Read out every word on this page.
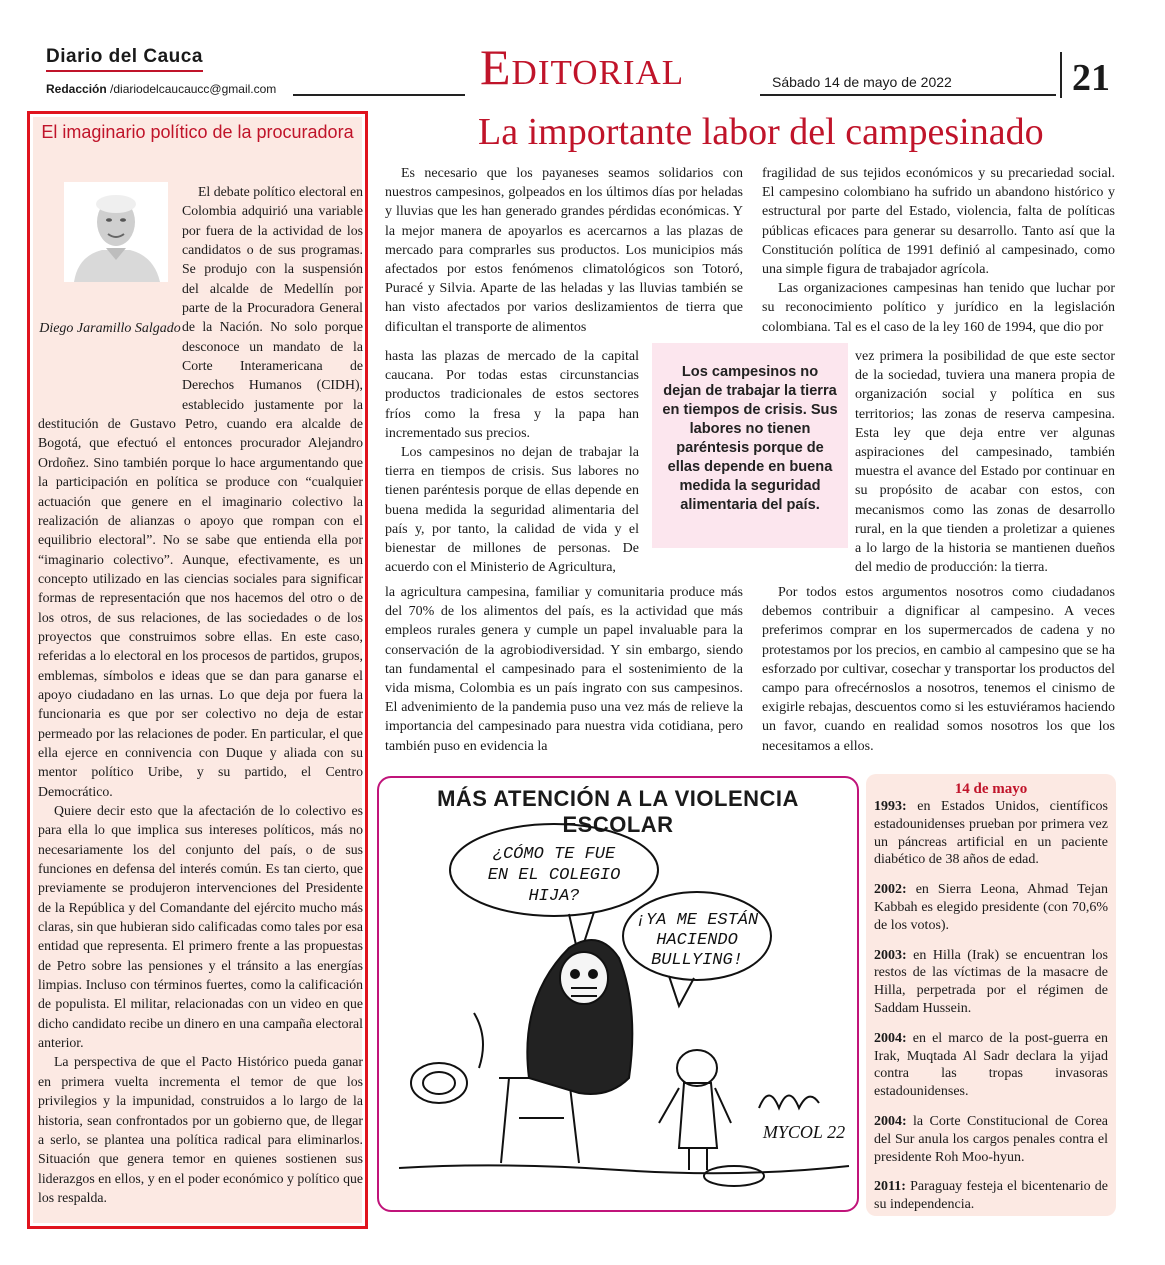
Diario del Cauca
Redacción /diariodelcaucaucc@gmail.com	Editorial	Sábado 14 de mayo de 2022	21
El imaginario político de la procuradora
Diego Jaramillo Salgado

El debate político electoral en Colombia adquirió una variable por fuera de la actividad de los candidatos o de sus programas. Se produjo con la suspensión del alcalde de Medellín por parte de la Procuradora General de la Nación. No solo porque desconoce un mandato de la Corte Interamericana de Derechos Humanos (CIDH), establecido justamente por la destitución de Gustavo Petro, cuando era alcalde de Bogotá, que efectuó el entonces procurador Alejandro Ordoñez. Sino también porque lo hace argumentando que la participación en política se produce con “cualquier actuación que genere en el imaginario colectivo la realización de alianzas o apoyo que rompan con el equilibrio electoral”. No se sabe que entienda ella por “imaginario colectivo”. Aunque, efectivamente, es un concepto utilizado en las ciencias sociales para significar formas de representación que nos hacemos del otro o de los otros, de sus relaciones, de las sociedades o de los proyectos que construimos sobre ellas. En este caso, referidas a lo electoral en los procesos de partidos, grupos, emblemas, símbolos e ideas que se dan para ganarse el apoyo ciudadano en las urnas. Lo que deja por fuera la funcionaria es que por ser colectivo no deja de estar permeado por las relaciones de poder. En particular, el que ella ejerce en connivencia con Duque y aliada con su mentor político Uribe, y su partido, el Centro Democrático.

Quiere decir esto que la afectación de lo colectivo es para ella lo que implica sus intereses políticos, más no necesariamente los del conjunto del país, o de sus funciones en defensa del interés común. Es tan cierto, que previamente se produjeron intervenciones del Presidente de la República y del Comandante del ejército mucho más claras, sin que hubieran sido calificadas como tales por esa entidad que representa. El primero frente a las propuestas de Petro sobre las pensiones y el tránsito a las energías limpias. Incluso con términos fuertes, como la calificación de populista. El militar, relacionadas con un video en que dicho candidato recibe un dinero en una campaña electoral anterior.

La perspectiva de que el Pacto Histórico pueda ganar en primera vuelta incrementa el temor de que los privilegios y la impunidad, construidos a lo largo de la historia, sean confrontados por un gobierno que, de llegar a serlo, se plantea una política radical para eliminarlos. Situación que genera temor en quienes sostienen sus liderazgos en ellos, y en el poder económico y político que los respalda.

La importante labor del campesinado

Es necesario que los payaneses seamos solidarios con nuestros campesinos, golpeados en los últimos días por heladas y lluvias que les han generado grandes pérdidas económicas. Y la mejor manera de apoyarlos es acercarnos a las plazas de mercado para comprarles sus productos. Los municipios más afectados por estos fenómenos climatológicos son Totoró, Puracé y Silvia. Aparte de las heladas y las lluvias también se han visto afectados por varios deslizamientos de tierra que dificultan el transporte de alimentos

hasta las plazas de mercado de la capital caucana. Por todas estas circunstancias productos tradicionales de estos sectores fríos como la fresa y la papa han incrementado sus precios.

Los campesinos no dejan de trabajar la tierra en tiempos de crisis. Sus labores no tienen paréntesis porque de ellas depende en buena medida la seguridad alimentaria del país y, por tanto, la calidad de vida y el bienestar de millones de personas. De acuerdo con el Ministerio de Agricultura,

la agricultura campesina, familiar y comunitaria produce más del 70% de los alimentos del país, es la actividad que más empleos rurales genera y cumple un papel invaluable para la conservación de la agrobiodiversidad. Y sin embargo, siendo tan fundamental el campesinado para el sostenimiento de la vida misma, Colombia es un país ingrato con sus campesinos. El advenimiento de la pandemia puso una vez más de relieve la importancia del campesinado para nuestra vida cotidiana, pero también puso en evidencia la

fragilidad de sus tejidos económicos y su precariedad social. El campesino colombiano ha sufrido un abandono histórico y estructural por parte del Estado, violencia, falta de políticas públicas eficaces para generar su desarrollo. Tanto así que la Constitución política de 1991 definió al campesinado, como una simple figura de trabajador agrícola.

Las organizaciones campesinas han tenido que luchar por su reconocimiento político y jurídico en la legislación colombiana. Tal es el caso de la ley 160 de 1994, que dio por

vez primera la posibilidad de que este sector de la sociedad, tuviera una manera propia de organización social y política en sus territorios; las zonas de reserva campesina. Esta ley que deja entre ver algunas aspiraciones del campesinado, también muestra el avance del Estado por continuar en su propósito de acabar con estos, con mecanismos como las zonas de desarrollo rural, en la que tienden a proletizar a quienes a lo largo de la historia se mantienen dueños del medio de producción: la tierra.

Por todos estos argumentos nosotros como ciudadanos debemos contribuir a dignificar al campesino. A veces preferimos comprar en los supermercados de cadena y no protestamos por los precios, en cambio al campesino que se ha esforzado por cultivar, cosechar y transportar los productos del campo para ofrecérnoslos a nosotros, tenemos el cinismo de exigirle rebajas, descuentos como si les estuviéramos haciendo un favor, cuando en realidad somos nosotros los que los necesitamos a ellos.

Los campesinos no dejan de trabajar la tierra en tiempos de crisis. Sus labores no tienen paréntesis porque de ellas depende en buena medida la seguridad alimentaria del país.
MÁS ATENCIÓN A LA VIOLENCIA ESCOLAR
¿CÓMO TE FUE
EN EL COLEGIO
HIJA?
¡YA ME ESTÁN
HACIENDO
BULLYING!
MYCOL 22
14 de mayo
1993: en Estados Unidos, científicos estadounidenses prueban por primera vez un páncreas artificial en un paciente diabético de 38 años de edad.
2002: en Sierra Leona, Ahmad Tejan Kabbah es elegido presidente (con 70,6% de los votos).
2003: en Hilla (Irak) se encuentran los restos de las víctimas de la masacre de Hilla, perpetrada por el régimen de Saddam Hussein.
2004: en el marco de la post-guerra en Irak, Muqtada Al Sadr declara la yijad contra las tropas invasoras estadounidenses.
2004: la Corte Constitucional de Corea del Sur anula los cargos penales contra el presidente Roh Moo-hyun.
2011: Paraguay festeja el bicentenario de su independencia.
